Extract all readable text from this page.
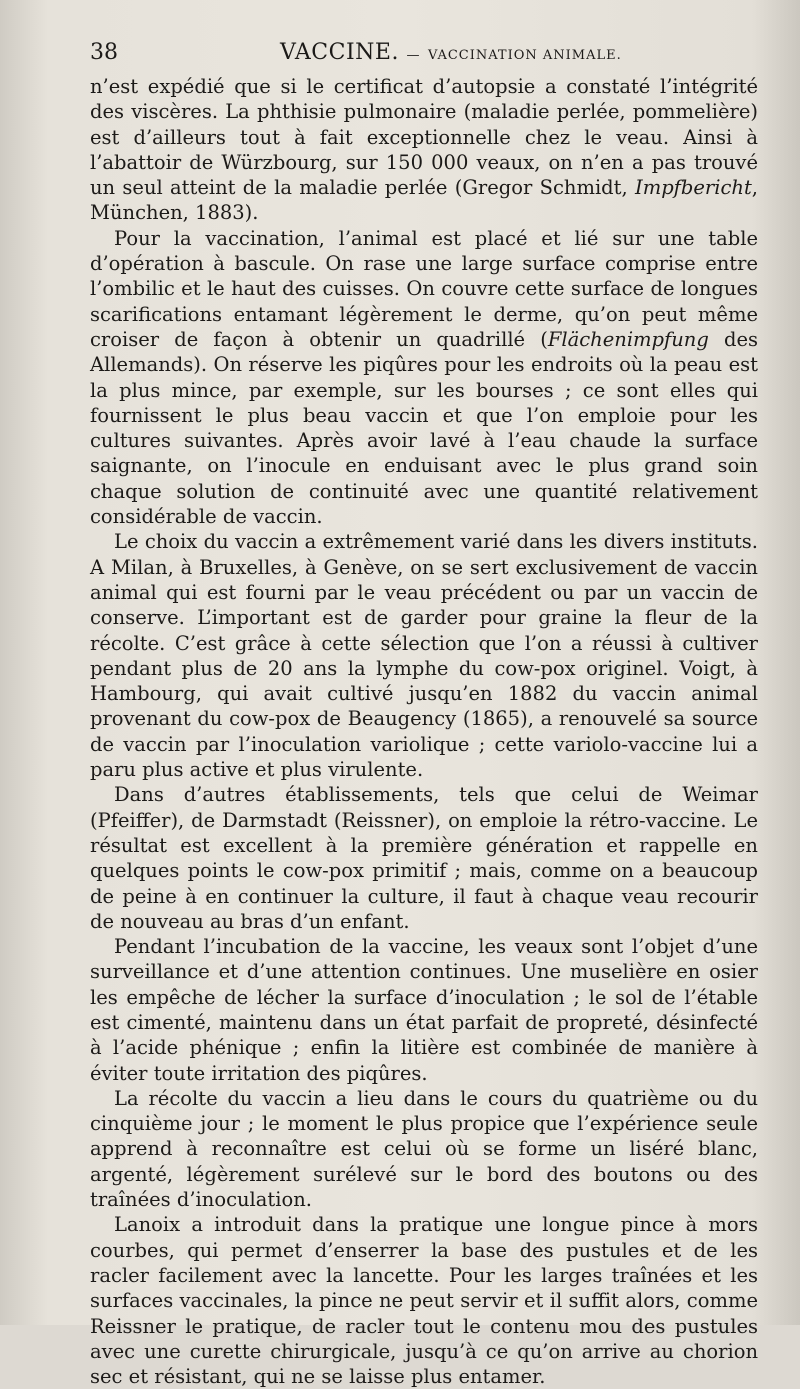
38	VACCINE. — VACCINATION ANIMALE.

n’est expédié que si le certificat d’autopsie a constaté l’intégrité des viscères. La phthisie pulmonaire (maladie perlée, pommelière) est d’ailleurs tout à fait exceptionnelle chez le veau. Ainsi à l’abattoir de Würzbourg, sur 150 000 veaux, on n’en a pas trouvé un seul atteint de la maladie perlée (Gregor Schmidt, Impfbericht, München, 1883).

Pour la vaccination, l’animal est placé et lié sur une table d’opération à bascule. On rase une large surface comprise entre l’ombilic et le haut des cuisses. On couvre cette surface de longues scarifications entamant légèrement le derme, qu’on peut même croiser de façon à obtenir un quadrillé (Flächenimpfung des Allemands). On réserve les piqûres pour les endroits où la peau est la plus mince, par exemple, sur les bourses ; ce sont elles qui fournissent le plus beau vaccin et que l’on emploie pour les cultures suivantes. Après avoir lavé à l’eau chaude la surface saignante, on l’inocule en enduisant avec le plus grand soin chaque solution de continuité avec une quantité relativement considérable de vaccin.

Le choix du vaccin a extrêmement varié dans les divers instituts. A Milan, à Bruxelles, à Genève, on se sert exclusivement de vaccin animal qui est fourni par le veau précédent ou par un vaccin de conserve. L’important est de garder pour graine la fleur de la récolte. C’est grâce à cette sélection que l’on a réussi à cultiver pendant plus de 20 ans la lymphe du cow-pox originel. Voigt, à Hambourg, qui avait cultivé jusqu’en 1882 du vaccin animal provenant du cow-pox de Beaugency (1865), a renouvelé sa source de vaccin par l’inoculation variolique ; cette variolo-vaccine lui a paru plus active et plus virulente.

Dans d’autres établissements, tels que celui de Weimar (Pfeiffer), de Darmstadt (Reissner), on emploie la rétro-vaccine. Le résultat est excellent à la première génération et rappelle en quelques points le cow-pox primitif ; mais, comme on a beaucoup de peine à en continuer la culture, il faut à chaque veau recourir de nouveau au bras d’un enfant.

Pendant l’incubation de la vaccine, les veaux sont l’objet d’une surveillance et d’une attention continues. Une muselière en osier les empêche de lécher la surface d’inoculation ; le sol de l’étable est cimenté, maintenu dans un état parfait de propreté, désinfecté à l’acide phénique ; enfin la litière est combinée de manière à éviter toute irritation des piqûres.

La récolte du vaccin a lieu dans le cours du quatrième ou du cinquième jour ; le moment le plus propice que l’expérience seule apprend à reconnaître est celui où se forme un liséré blanc, argenté, légèrement surélevé sur le bord des boutons ou des traînées d’inoculation.

Lanoix a introduit dans la pratique une longue pince à mors courbes, qui permet d’enserrer la base des pustules et de les racler facilement avec la lancette. Pour les larges traînées et les surfaces vaccinales, la pince ne peut servir et il suffit alors, comme Reissner le pratique, de racler tout le contenu mou des pustules avec une curette chirurgicale, jusqu’à ce qu’on arrive au chorion sec et résistant, qui ne se laisse plus entamer.
